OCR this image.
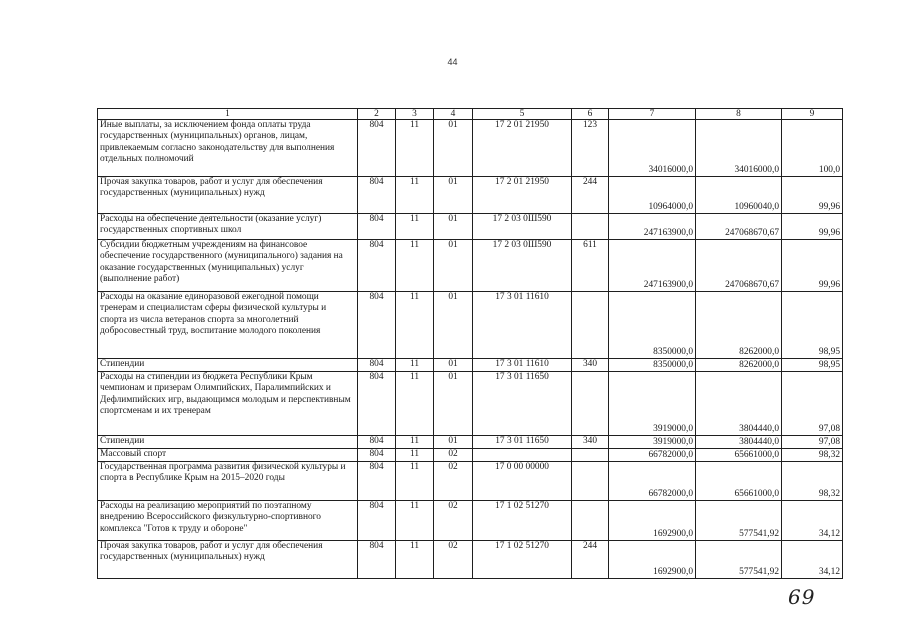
44
1	2	3	4	5	6	7	8	9
Иные выплаты, за исключением фонда оплаты труда государственных (муниципальных) органов, лицам, привлекаемым согласно законодательству для выполнения отдельных полномочий	804	11	01	17 2 01 21950	123	34016000,0	34016000,0	100,0
Прочая закупка товаров, работ и услуг для обеспечения государственных (муниципальных) нужд	804	11	01	17 2 01 21950	244	10964000,0	10960040,0	99,96
Расходы на обеспечение деятельности (оказание услуг) государственных спортивных школ	804	11	01	17 2 03 0Ш590		247163900,0	247068670,67	99,96
Субсидии бюджетным учреждениям на финансовое обеспечение государственного (муниципального) задания на оказание государственных (муниципальных) услуг (выполнение работ)	804	11	01	17 2 03 0Ш590	611	247163900,0	247068670,67	99,96
Расходы на оказание единоразовой ежегодной помощи тренерам и специалистам сферы физической культуры и спорта из числа ветеранов спорта за многолетний добросовестный труд, воспитание молодого поколения	804	11	01	17 3 01 11610		8350000,0	8262000,0	98,95
Стипендии	804	11	01	17 3 01 11610	340	8350000,0	8262000,0	98,95
Расходы на стипендии из бюджета Республики Крым чемпионам и призерам Олимпийских, Паралимпийских и Дефлимпийских игр, выдающимся молодым и перспективным спортсменам и их тренерам	804	11	01	17 3 01 11650		3919000,0	3804440,0	97,08
Стипендии	804	11	01	17 3 01 11650	340	3919000,0	3804440,0	97,08
Массовый спорт	804	11	02			66782000,0	65661000,0	98,32
Государственная программа развития физической культуры и спорта в Республике Крым на 2015–2020 годы	804	11	02	17 0 00 00000		66782000,0	65661000,0	98,32
Расходы на реализацию мероприятий по поэтапному внедрению Всероссийского физкультурно-спортивного комплекса "Готов к труду и обороне"	804	11	02	17 1 02 51270		1692900,0	577541,92	34,12
Прочая закупка товаров, работ и услуг для обеспечения государственных (муниципальных) нужд	804	11	02	17 1 02 51270	244	1692900,0	577541,92	34,12
69
